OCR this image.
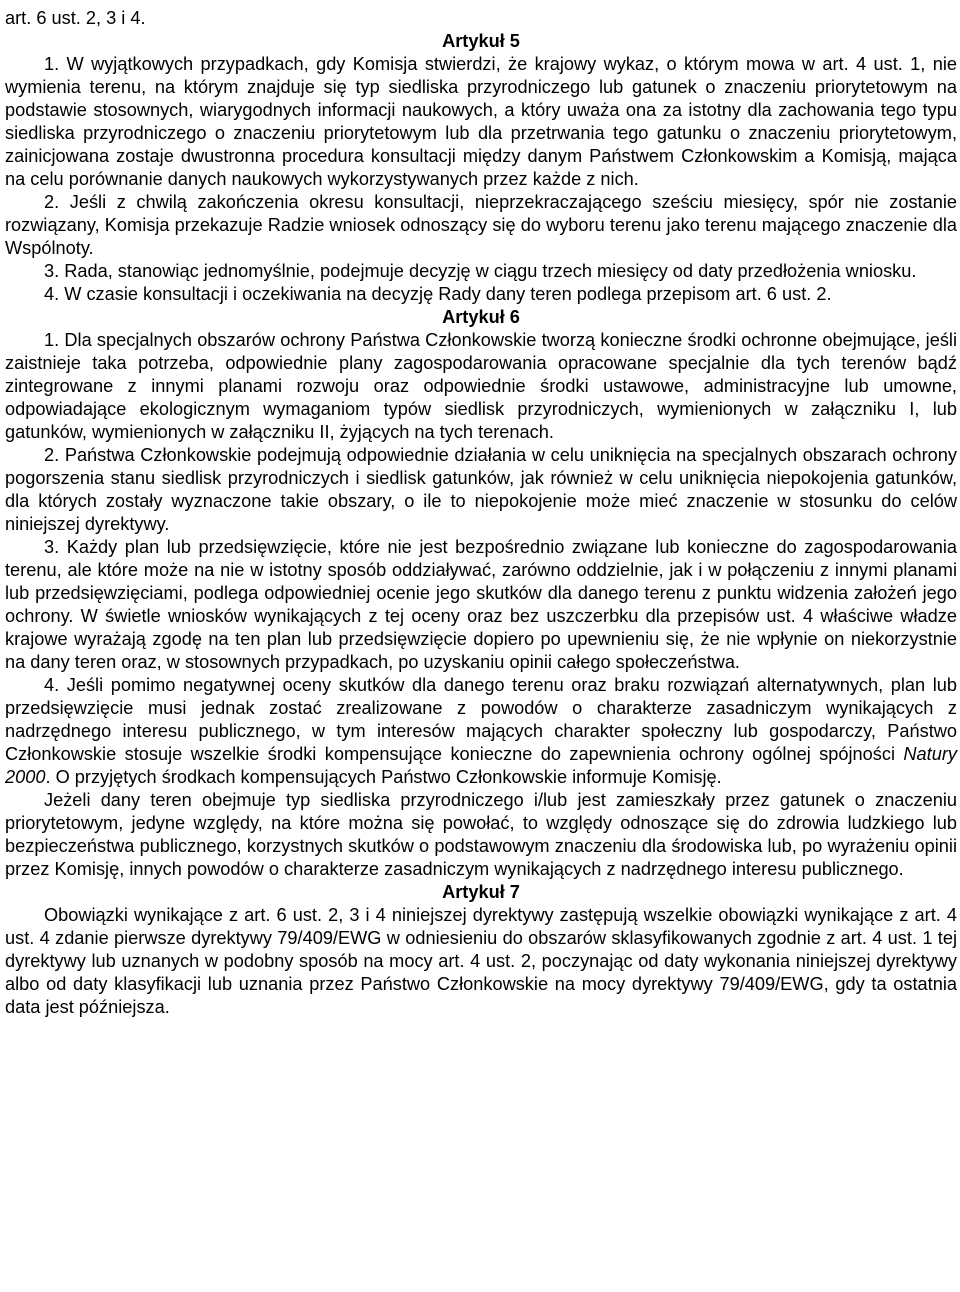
art. 6 ust. 2, 3 i 4.

Artykuł 5

1. W wyjątkowych przypadkach, gdy Komisja stwierdzi, że krajowy wykaz, o którym mowa w art. 4 ust. 1, nie wymienia terenu, na którym znajduje się typ siedliska przyrodniczego lub gatunek o znaczeniu priorytetowym na podstawie stosownych, wiarygodnych informacji naukowych, a który uważa ona za istotny dla zachowania tego typu siedliska przyrodniczego o znaczeniu priorytetowym lub dla przetrwania tego gatunku o znaczeniu priorytetowym, zainicjowana zostaje dwustronna procedura konsultacji między danym Państwem Członkowskim a Komisją, mająca na celu porównanie danych naukowych wykorzystywanych przez każde z nich.

2. Jeśli z chwilą zakończenia okresu konsultacji, nieprzekraczającego sześciu miesięcy, spór nie zostanie rozwiązany, Komisja przekazuje Radzie wniosek odnoszący się do wyboru terenu jako terenu mającego znaczenie dla Wspólnoty.

3. Rada, stanowiąc jednomyślnie, podejmuje decyzję w ciągu trzech miesięcy od daty przedłożenia wniosku.

4. W czasie konsultacji i oczekiwania na decyzję Rady dany teren podlega przepisom art. 6 ust. 2.

Artykuł 6

1. Dla specjalnych obszarów ochrony Państwa Członkowskie tworzą konieczne środki ochronne obejmujące, jeśli zaistnieje taka potrzeba, odpowiednie plany zagospodarowania opracowane specjalnie dla tych terenów bądź zintegrowane z innymi planami rozwoju oraz odpowiednie środki ustawowe, administracyjne lub umowne, odpowiadające ekologicznym wymaganiom typów siedlisk przyrodniczych, wymienionych w załączniku I, lub gatunków, wymienionych w załączniku II, żyjących na tych terenach.

2. Państwa Członkowskie podejmują odpowiednie działania w celu uniknięcia na specjalnych obszarach ochrony pogorszenia stanu siedlisk przyrodniczych i siedlisk gatunków, jak również w celu uniknięcia niepokojenia gatunków, dla których zostały wyznaczone takie obszary, o ile to niepokojenie może mieć znaczenie w stosunku do celów niniejszej dyrektywy.

3. Każdy plan lub przedsięwzięcie, które nie jest bezpośrednio związane lub konieczne do zagospodarowania terenu, ale które może na nie w istotny sposób oddziaływać, zarówno oddzielnie, jak i w połączeniu z innymi planami lub przedsięwzięciami, podlega odpowiedniej ocenie jego skutków dla danego terenu z punktu widzenia założeń jego ochrony. W świetle wniosków wynikających z tej oceny oraz bez uszczerbku dla przepisów ust. 4 właściwe władze krajowe wyrażają zgodę na ten plan lub przedsięwzięcie dopiero po upewnieniu się, że nie wpłynie on niekorzystnie na dany teren oraz, w stosownych przypadkach, po uzyskaniu opinii całego społeczeństwa.

4. Jeśli pomimo negatywnej oceny skutków dla danego terenu oraz braku rozwiązań alternatywnych, plan lub przedsięwzięcie musi jednak zostać zrealizowane z powodów o charakterze zasadniczym wynikających z nadrzędnego interesu publicznego, w tym interesów mających charakter społeczny lub gospodarczy, Państwo Członkowskie stosuje wszelkie środki kompensujące konieczne do zapewnienia ochrony ogólnej spójności Natury 2000. O przyjętych środkach kompensujących Państwo Członkowskie informuje Komisję.

Jeżeli dany teren obejmuje typ siedliska przyrodniczego i/lub jest zamieszkały przez gatunek o znaczeniu priorytetowym, jedyne względy, na które można się powołać, to względy odnoszące się do zdrowia ludzkiego lub bezpieczeństwa publicznego, korzystnych skutków o podstawowym znaczeniu dla środowiska lub, po wyrażeniu opinii przez Komisję, innych powodów o charakterze zasadniczym wynikających z nadrzędnego interesu publicznego.

Artykuł 7

Obowiązki wynikające z art. 6 ust. 2, 3 i 4 niniejszej dyrektywy zastępują wszelkie obowiązki wynikające z art. 4 ust. 4 zdanie pierwsze dyrektywy 79/409/EWG w odniesieniu do obszarów sklasyfikowanych zgodnie z art. 4 ust. 1 tej dyrektywy lub uznanych w podobny sposób na mocy art. 4 ust. 2, poczynając od daty wykonania niniejszej dyrektywy albo od daty klasyfikacji lub uznania przez Państwo Członkowskie na mocy dyrektywy 79/409/EWG, gdy ta ostatnia data jest późniejsza.
